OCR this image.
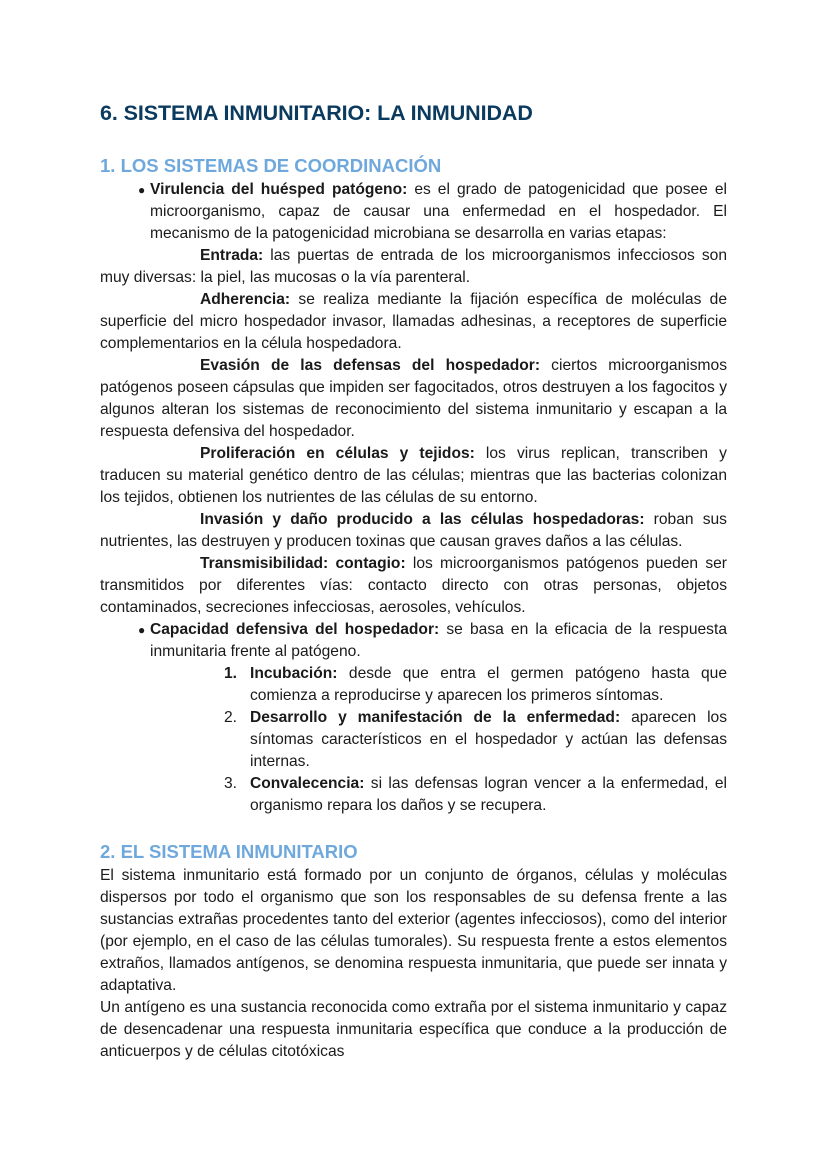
6. SISTEMA INMUNITARIO: LA INMUNIDAD
1. LOS SISTEMAS DE COORDINACIÓN
● Virulencia del huésped patógeno: es el grado de patogenicidad que posee el microorganismo, capaz de causar una enfermedad en el hospedador. El mecanismo de la patogenicidad microbiana se desarrolla en varias etapas:

Entrada: las puertas de entrada de los microorganismos infecciosos son muy diversas: la piel, las mucosas o la vía parenteral.

Adherencia: se realiza mediante la fijación específica de moléculas de superficie del micro hospedador invasor, llamadas adhesinas, a receptores de superficie complementarios en la célula hospedadora.

Evasión de las defensas del hospedador: ciertos microorganismos patógenos poseen cápsulas que impiden ser fagocitados, otros destruyen a los fagocitos y algunos alteran los sistemas de reconocimiento del sistema inmunitario y escapan a la respuesta defensiva del hospedador.

Proliferación en células y tejidos: los virus replican, transcriben y traducen su material genético dentro de las células; mientras que las bacterias colonizan los tejidos, obtienen los nutrientes de las células de su entorno.

Invasión y daño producido a las células hospedadoras: roban sus nutrientes, las destruyen y producen toxinas que causan graves daños a las células.

Transmisibilidad: contagio: los microorganismos patógenos pueden ser transmitidos por diferentes vías: contacto directo con otras personas, objetos contaminados, secreciones infecciosas, aerosoles, vehículos.

● Capacidad defensiva del hospedador: se basa en la eficacia de la respuesta inmunitaria frente al patógeno.
1. Incubación: desde que entra el germen patógeno hasta que comienza a reproducirse y aparecen los primeros síntomas.
2. Desarrollo y manifestación de la enfermedad: aparecen los síntomas característicos en el hospedador y actúan las defensas internas.
3. Convalecencia: si las defensas logran vencer a la enfermedad, el organismo repara los daños y se recupera.
2. EL SISTEMA INMUNITARIO

El sistema inmunitario está formado por un conjunto de órganos, células y moléculas dispersos por todo el organismo que son los responsables de su defensa frente a las sustancias extrañas procedentes tanto del exterior (agentes infecciosos), como del interior (por ejemplo, en el caso de las células tumorales). Su respuesta frente a estos elementos extraños, llamados antígenos, se denomina respuesta inmunitaria, que puede ser innata y adaptativa.

Un antígeno es una sustancia reconocida como extraña por el sistema inmunitario y capaz de desencadenar una respuesta inmunitaria específica que conduce a la producción de anticuerpos y de células citotóxicas
